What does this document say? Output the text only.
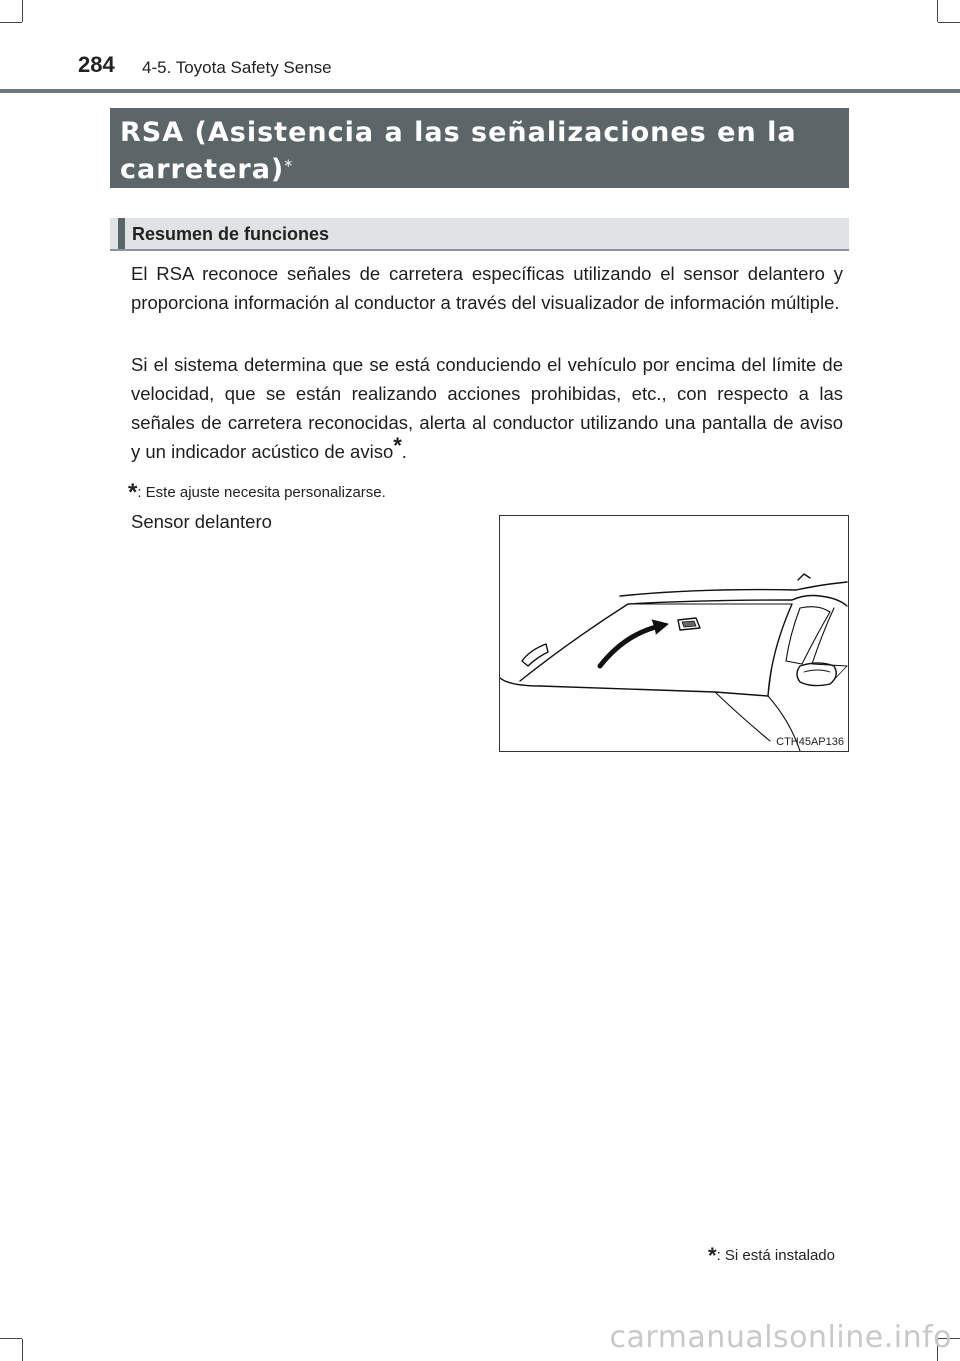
284 4-5. Toyota Safety Sense
RSA (Asistencia a las señalizaciones en la
carretera)*
Resumen de funciones
El RSA reconoce señales de carretera específicas utilizando el sensor delantero y proporciona información al conductor a través del visualizador de información múltiple.
Si el sistema determina que se está conduciendo el vehículo por encima del límite de velocidad, que se están realizando acciones prohibidas, etc., con respecto a las señales de carretera reconocidas, alerta al conductor utilizando una pantalla de aviso y un indicador acústico de aviso*.
*: Este ajuste necesita personalizarse.
Sensor delantero
CTH45AP136
*: Si está instalado
carmanualsonline.info
